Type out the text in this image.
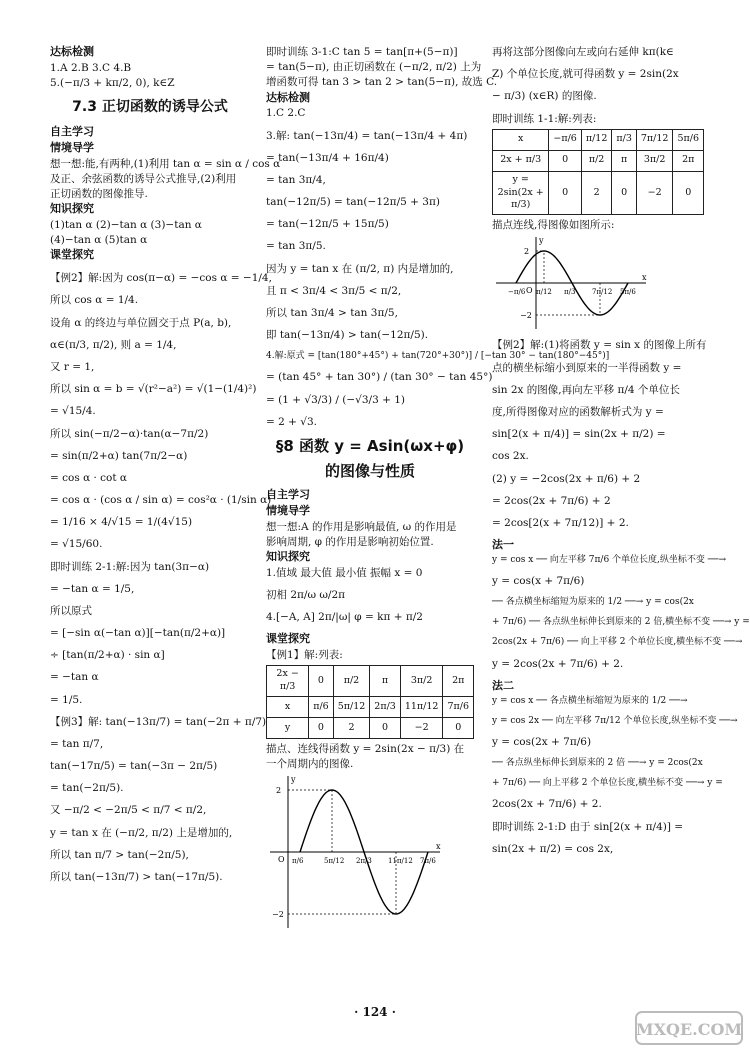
达标检测
1.A 2.B 3.C 4.B
5.(−π/3 + kπ/2, 0), k∈Z
7.3 正切函数的诱导公式
自主学习
情境导学
想一想:能,有两种,(1)利用 tan α = sin α / cos α
及正、余弦函数的诱导公式推导,(2)利用
正切函数的图像推导.
知识探究
(1)tan α (2)−tan α (3)−tan α
(4)−tan α (5)tan α
课堂探究
【例2】解:因为 cos(π−α) = −cos α = −1/4,
所以 cos α = 1/4.
设角 α 的终边与单位圆交于点 P(a, b),
α∈(π/3, π/2), 则 a = 1/4,
又 r = 1,
所以 sin α = b = √(r²−a²) = √(1−(1/4)²)
= √15/4.
所以 sin(−π/2−α)·tan(α−7π/2)
= sin(π/2+α) tan(7π/2−α)
= cos α · cot α
= cos α · (cos α / sin α) = cos²α · (1/sin α)
= 1/16 × 4/√15 = 1/(4√15)
= √15/60.
即时训练 2-1:解:因为 tan(3π−α)
= −tan α = 1/5,
所以原式
= [−sin α(−tan α)][−tan(π/2+α)]
÷ [tan(π/2+α) · sin α]
= −tan α
= 1/5.
【例3】解: tan(−13π/7) = tan(−2π + π/7)
= tan π/7,
tan(−17π/5) = tan(−3π − 2π/5)
= tan(−2π/5).
又 −π/2 < −2π/5 < π/7 < π/2,
y = tan x 在 (−π/2, π/2) 上是增加的,
所以 tan π/7 > tan(−2π/5),
所以 tan(−13π/7) > tan(−17π/5).
即时训练 3-1:C tan 5 = tan[π+(5−π)]
= tan(5−π), 由正切函数在 (−π/2, π/2) 上为
增函数可得 tan 3 > tan 2 > tan(5−π), 故选 C.
达标检测
1.C 2.C
3.解: tan(−13π/4) = tan(−13π/4 + 4π)
= tan(−13π/4 + 16π/4)
= tan 3π/4,
tan(−12π/5) = tan(−12π/5 + 3π)
= tan(−12π/5 + 15π/5)
= tan 3π/5.
因为 y = tan x 在 (π/2, π) 内是增加的,
且 π < 3π/4 < 3π/5 < π/2,
所以 tan 3π/4 > tan 3π/5,
即 tan(−13π/4) > tan(−12π/5).
4.解:原式 = [tan(180°+45°) + tan(720°+30°)] / [−tan 30° − tan(180°−45°)]
= (tan 45° + tan 30°) / (tan 30° − tan 45°)
= (1 + √3/3) / (−√3/3 + 1)
= 2 + √3.
§8 函数 y = Asin(ωx+φ)
的图像与性质
自主学习
情境导学
想一想:A 的作用是影响最值, ω 的作用是
影响周期, φ 的作用是影响初始位置.
知识探究
1.值域 最大值 最小值 振幅 x = 0
初相 2π/ω ω/2π
4.[−A, A] 2π/|ω| φ = kπ + π/2
课堂探究
【例1】解:列表:
2x − π/3	0	π/2	π	3π/2	2π
x	π/6	5π/12	2π/3	11π/12	7π/6
y	0	2	0	−2	0
描点、连线得函数 y = 2sin(2x − π/3) 在
一个周期内的图像.
x
y
O
2
−2
π/6	5π/12 2π/3 11π/12 7π/6
再将这部分图像向左或向右延伸 kπ(k∈
Z) 个单位长度,就可得函数 y = 2sin(2x
− π/3) (x∈R) 的图像.
即时训练 1-1:解:列表:
x	−π/6	π/12	π/3	7π/12	5π/6
2x + π/3	0	π/2	π	3π/2	2π
y = 2sin(2x + π/3)	0	2	0	−2	0
描点连线,得图像如图所示:
x
y
O
2
−2
−π/6 π/12 π/3 7π/12 5π/6
【例2】解:(1)将函数 y = sin x 的图像上所有
点的横坐标缩小到原来的一半得函数 y =
sin 2x 的图像,再向左平移 π/4 个单位长
度,所得图像对应的函数解析式为 y =
sin[2(x + π/4)] = sin(2x + π/2) =
cos 2x.
(2) y = −2cos(2x + π/6) + 2
= 2cos(2x + 7π/6) + 2
= 2cos[2(x + 7π/12)] + 2.
法一
y = cos x ── 向左平移 7π/6 个单位长度,纵坐标不变 ──→
y = cos(x + 7π/6)
── 各点横坐标缩短为原来的 1/2 ──→ y = cos(2x
+ 7π/6) ── 各点纵坐标伸长到原来的 2 倍,横坐标不变 ──→ y =
2cos(2x + 7π/6) ── 向上平移 2 个单位长度,横坐标不变 ──→
y = 2cos(2x + 7π/6) + 2.
法二
y = cos x ── 各点横坐标缩短为原来的 1/2 ──→
y = cos 2x ── 向左平移 7π/12 个单位长度,纵坐标不变 ──→
y = cos(2x + 7π/6)
── 各点纵坐标伸长到原来的 2 倍 ──→ y = 2cos(2x
+ 7π/6) ── 向上平移 2 个单位长度,横坐标不变 ──→ y =
2cos(2x + 7π/6) + 2.
即时训练 2-1:D 由于 sin[2(x + π/4)] =
sin(2x + π/2) = cos 2x,
· 124 ·
MXQE.COM
